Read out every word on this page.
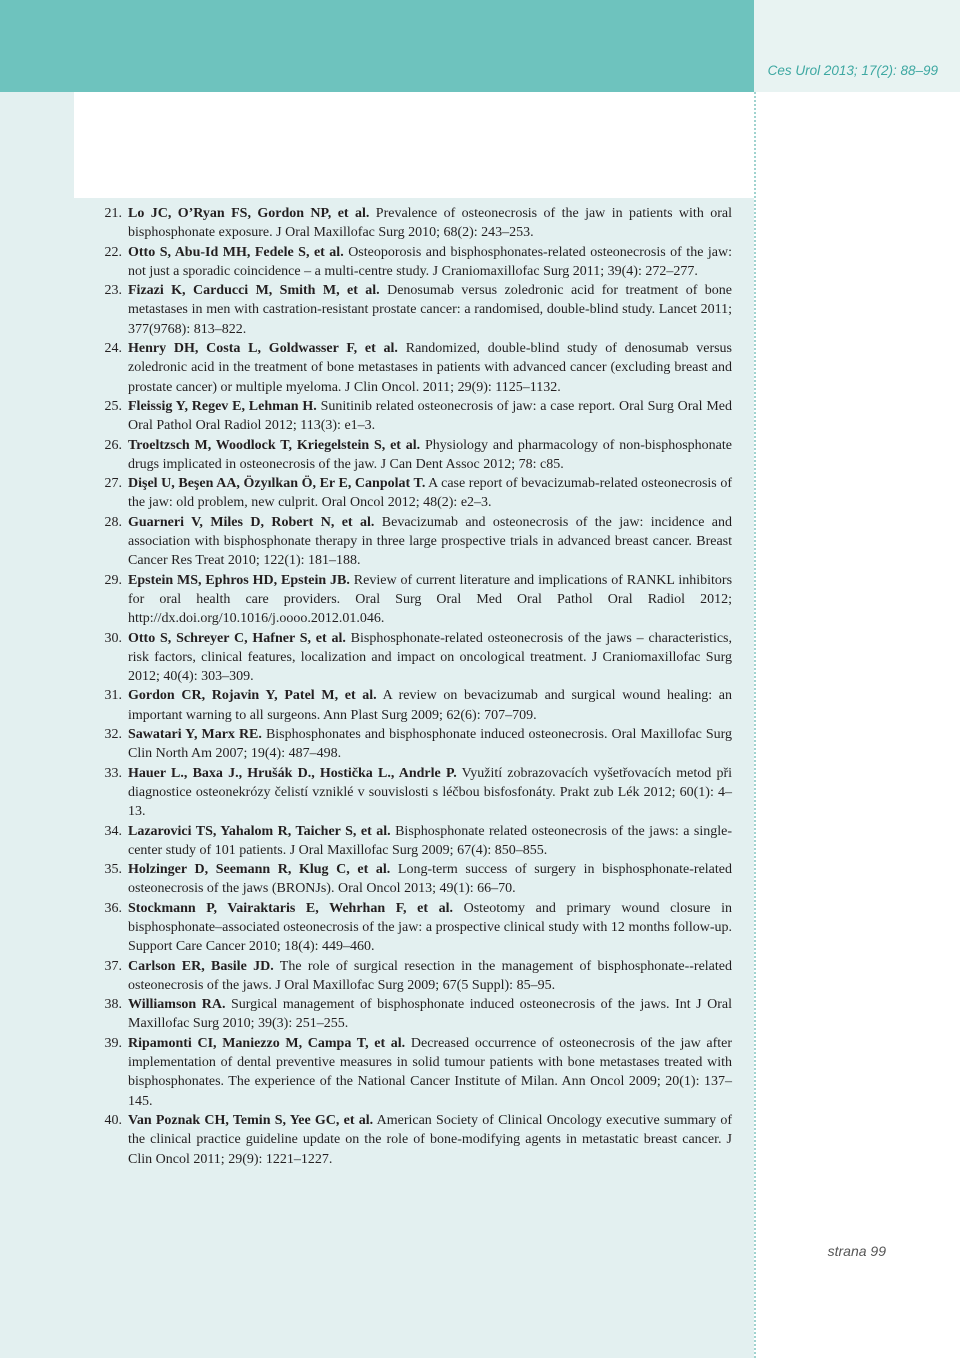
Ces Urol 2013; 17(2): 88–99
21. Lo JC, O’Ryan FS, Gordon NP, et al. Prevalence of osteonecrosis of the jaw in patients with oral bisphosphonate exposure. J Oral Maxillofac Surg 2010; 68(2): 243–253.
22. Otto S, Abu-Id MH, Fedele S, et al. Osteoporosis and bisphosphonates-related osteonecrosis of the jaw: not just a sporadic coincidence – a multi-centre study. J Craniomaxillofac Surg 2011; 39(4): 272–277.
23. Fizazi K, Carducci M, Smith M, et al. Denosumab versus zoledronic acid for treatment of bone metastases in men with castration-resistant prostate cancer: a randomised, double-blind study. Lancet 2011; 377(9768): 813–822.
24. Henry DH, Costa L, Goldwasser F, et al. Randomized, double-blind study of denosumab versus zoledronic acid in the treatment of bone metastases in patients with advanced cancer (excluding breast and prostate cancer) or multiple myeloma. J Clin Oncol. 2011; 29(9): 1125–1132.
25. Fleissig Y, Regev E, Lehman H. Sunitinib related osteonecrosis of jaw: a case report. Oral Surg Oral Med Oral Pathol Oral Radiol 2012; 113(3): e1–3.
26. Troeltzsch M, Woodlock T, Kriegelstein S, et al. Physiology and pharmacology of non-bisphosphonate drugs implicated in osteonecrosis of the jaw. J Can Dent Assoc 2012; 78: c85.
27. Dişel U, Beşen AA, Özyılkan Ö, Er E, Canpolat T. A case report of bevacizumab-related osteonecrosis of the jaw: old problem, new culprit. Oral Oncol 2012; 48(2): e2–3.
28. Guarneri V, Miles D, Robert N, et al. Bevacizumab and osteonecrosis of the jaw: incidence and association with bisphosphonate therapy in three large prospective trials in advanced breast cancer. Breast Cancer Res Treat 2010; 122(1): 181–188.
29. Epstein MS, Ephros HD, Epstein JB. Review of current literature and implications of RANKL inhibitors for oral health care providers. Oral Surg Oral Med Oral Pathol Oral Radiol 2012; http://dx.doi.org/10.1016/j.oooo.2012.01.046.
30. Otto S, Schreyer C, Hafner S, et al. Bisphosphonate-related osteonecrosis of the jaws – characteristics, risk factors, clinical features, localization and impact on oncological treatment. J Craniomaxillofac Surg 2012; 40(4): 303–309.
31. Gordon CR, Rojavin Y, Patel M, et al. A review on bevacizumab and surgical wound healing: an important warning to all surgeons. Ann Plast Surg 2009; 62(6): 707–709.
32. Sawatari Y, Marx RE. Bisphosphonates and bisphosphonate induced osteonecrosis. Oral Maxillofac Surg Clin North Am 2007; 19(4): 487–498.
33. Hauer L., Baxa J., Hrušák D., Hostička L., Andrle P. Využití zobrazovacích vyšetřovacích metod při diagnostice osteonekrózy čelistí vzniklé v souvislosti s léčbou bisfosfonáty. Prakt zub Lék 2012; 60(1): 4–13.
34. Lazarovici TS, Yahalom R, Taicher S, et al. Bisphosphonate related osteonecrosis of the jaws: a single-center study of 101 patients. J Oral Maxillofac Surg 2009; 67(4): 850–855.
35. Holzinger D, Seemann R, Klug C, et al. Long-term success of surgery in bisphosphonate-related osteonecrosis of the jaws (BRONJs). Oral Oncol 2013; 49(1): 66–70.
36. Stockmann P, Vairaktaris E, Wehrhan F, et al. Osteotomy and primary wound closure in bisphosphonate–associated osteonecrosis of the jaw: a prospective clinical study with 12 months follow-up. Support Care Cancer 2010; 18(4): 449–460.
37. Carlson ER, Basile JD. The role of surgical resection in the management of bisphosphonate--related osteonecrosis of the jaws. J Oral Maxillofac Surg 2009; 67(5 Suppl): 85–95.
38. Williamson RA. Surgical management of bisphosphonate induced osteonecrosis of the jaws. Int J Oral Maxillofac Surg 2010; 39(3): 251–255.
39. Ripamonti CI, Maniezzo M, Campa T, et al. Decreased occurrence of osteonecrosis of the jaw after implementation of dental preventive measures in solid tumour patients with bone metastases treated with bisphosphonates. The experience of the National Cancer Institute of Milan. Ann Oncol 2009; 20(1): 137–145.
40. Van Poznak CH, Temin S, Yee GC, et al. American Society of Clinical Oncology executive summary of the clinical practice guideline update on the role of bone-modifying agents in metastatic breast cancer. J Clin Oncol 2011; 29(9): 1221–1227.
strana 99
